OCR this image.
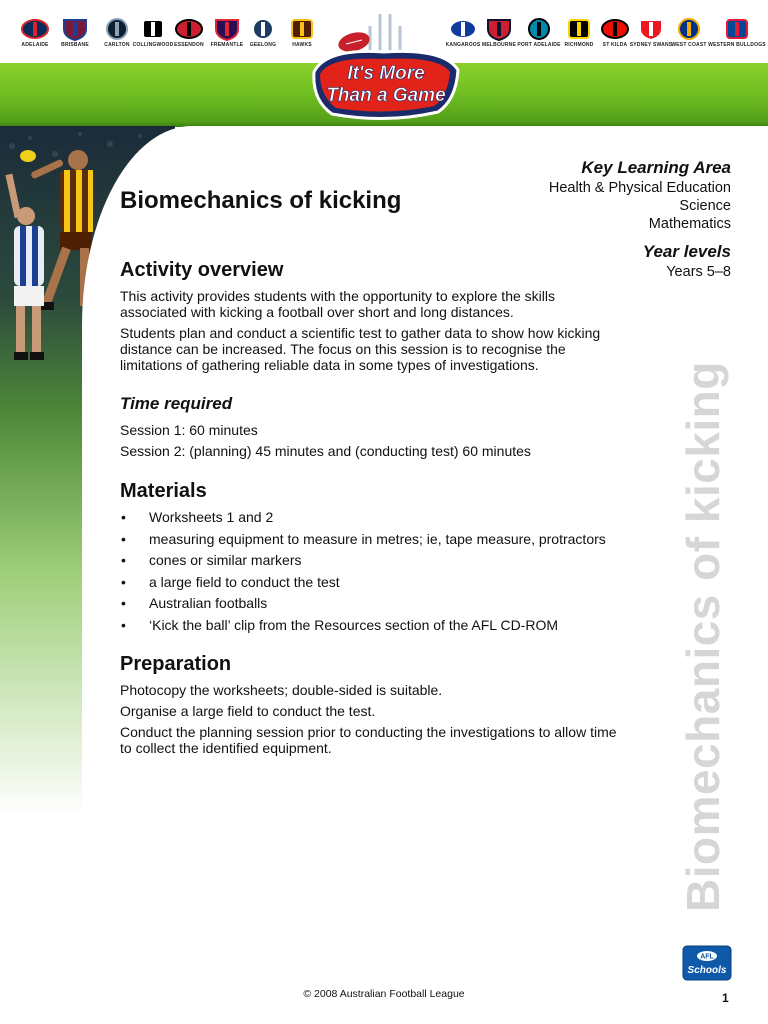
ADELAIDE	BRISBANE	CARLTON COLLINGWOOD ESSENDON FREMANTLE GEELONG	HAWKS	KANGAROOS MELBOURNE PORT ADELAIDE RICHMOND ST KILDA SYDNEY SWANS WEST COAST WESTERN BULLDOGS
It's More
Than a Game
Biomechanics of kicking
Key Learning Area
Health & Physical Education
Science
Mathematics
Year levels
Years 5–8
Activity overview

This activity provides students with the opportunity to explore the skills associated with kicking a football over short and long distances.

Students plan and conduct a scientific test to gather data to show how kicking distance can be increased. The focus on this session is to recognise the limitations of gathering reliable data in some types of investigations.

Time required

Session 1: 60 minutes

Session 2: (planning) 45 minutes and (conducting test) 60 minutes

Materials
•	Worksheets 1 and 2
•	measuring equipment to measure in metres; ie, tape measure, protractors
•	cones or similar markers
•	a large field to conduct the test
•	Australian footballs
•	‘Kick the ball’ clip from the Resources section of the AFL CD-ROM
Preparation

Photocopy the worksheets; double-sided is suitable.

Organise a large field to conduct the test.

Conduct the planning session prior to conducting the investigations to allow time to collect the identified equipment.	Biomechanics of kicking
AFL
Schools
© 2008 Australian Football League	1
